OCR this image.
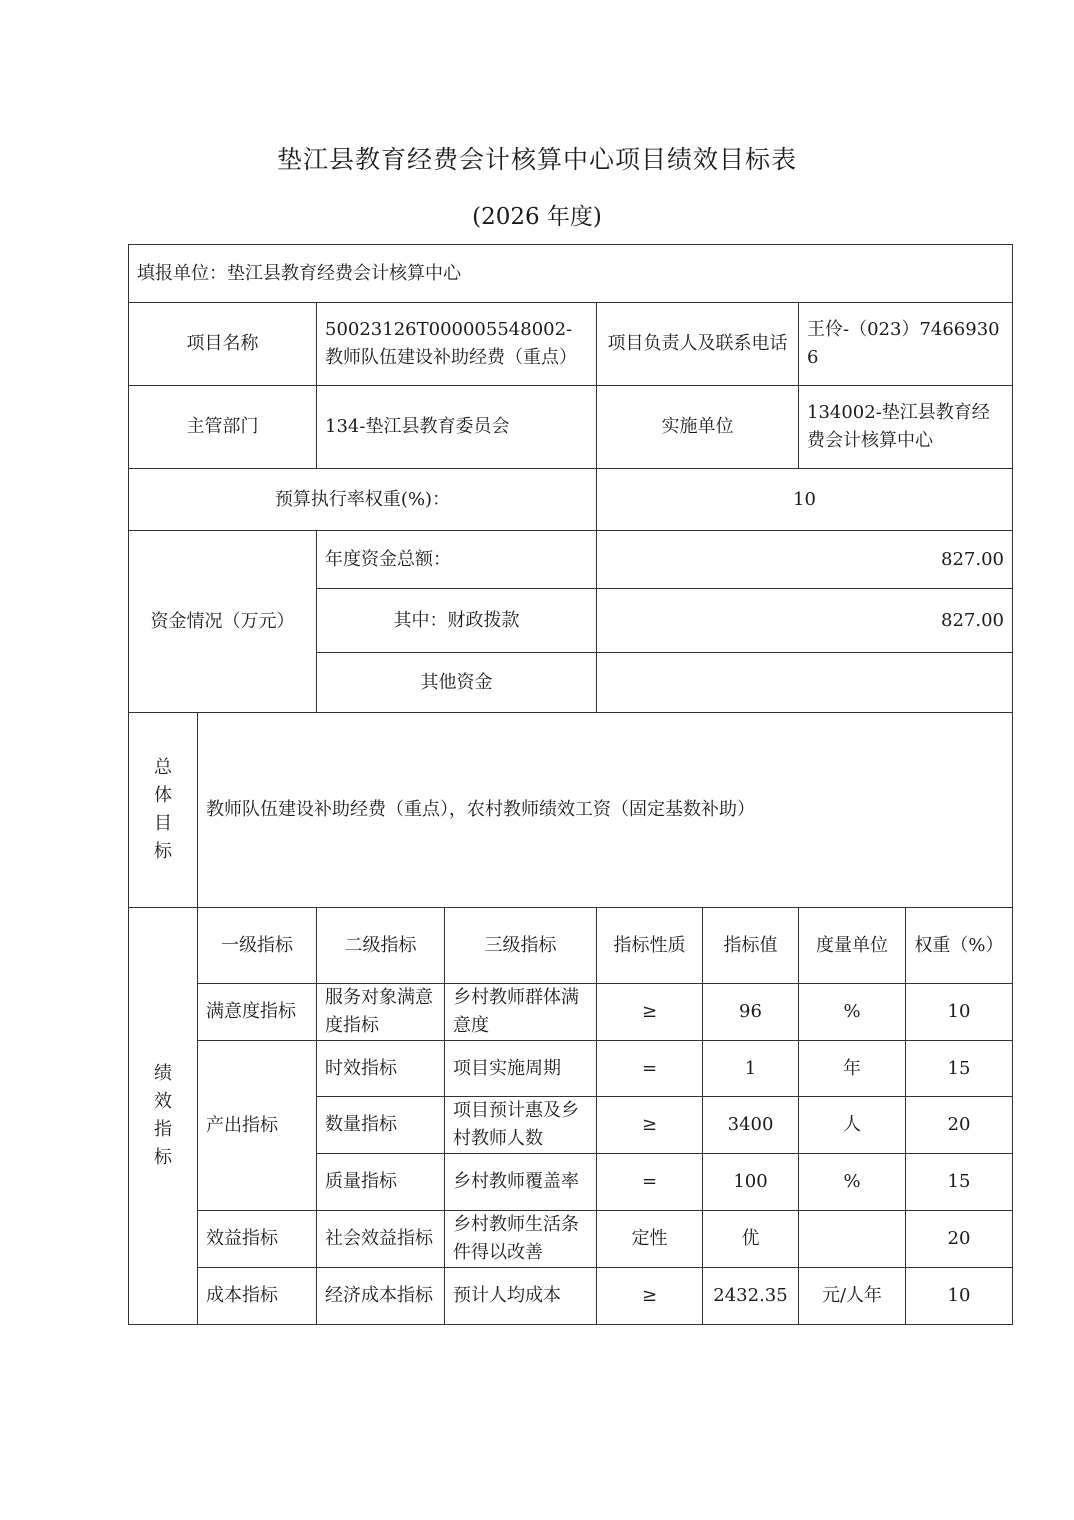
垫江县教育经费会计核算中心项目绩效目标表
(2026 年度)
填报单位：垫江县教育经费会计核算中心							
项目名称		50023126T000005548002-教师队伍建设补助经费（重点）		项目负责人及联系电话		王伶-（023）74669306	
主管部门		134-垫江县教育委员会		实施单位		134002-垫江县教育经费会计核算中心	
预算执行率权重(%)：				10			
资金情况（万元）		年度资金总额：		827.00			
		其中：财政拨款		827.00			
		其他资金					

总体目标	教师队伍建设补助经费（重点），农村教师绩效工资（固定基数补助）						

绩效指标	一级指标	二级指标	三级指标	指标性质	指标值	度量单位	权重（%）
	满意度指标	服务对象满意度指标	乡村教师群体满意度	≥	96	%	10
	产出指标	时效指标	项目实施周期	=	1	年	15
		数量指标	项目预计惠及乡村教师人数	≥	3400	人	20
		质量指标	乡村教师覆盖率	=	100	%	15
	效益指标	社会效益指标	乡村教师生活条件得以改善	定性	优		20
	成本指标	经济成本指标	预计人均成本	≥	2432.35	元/人年	10
